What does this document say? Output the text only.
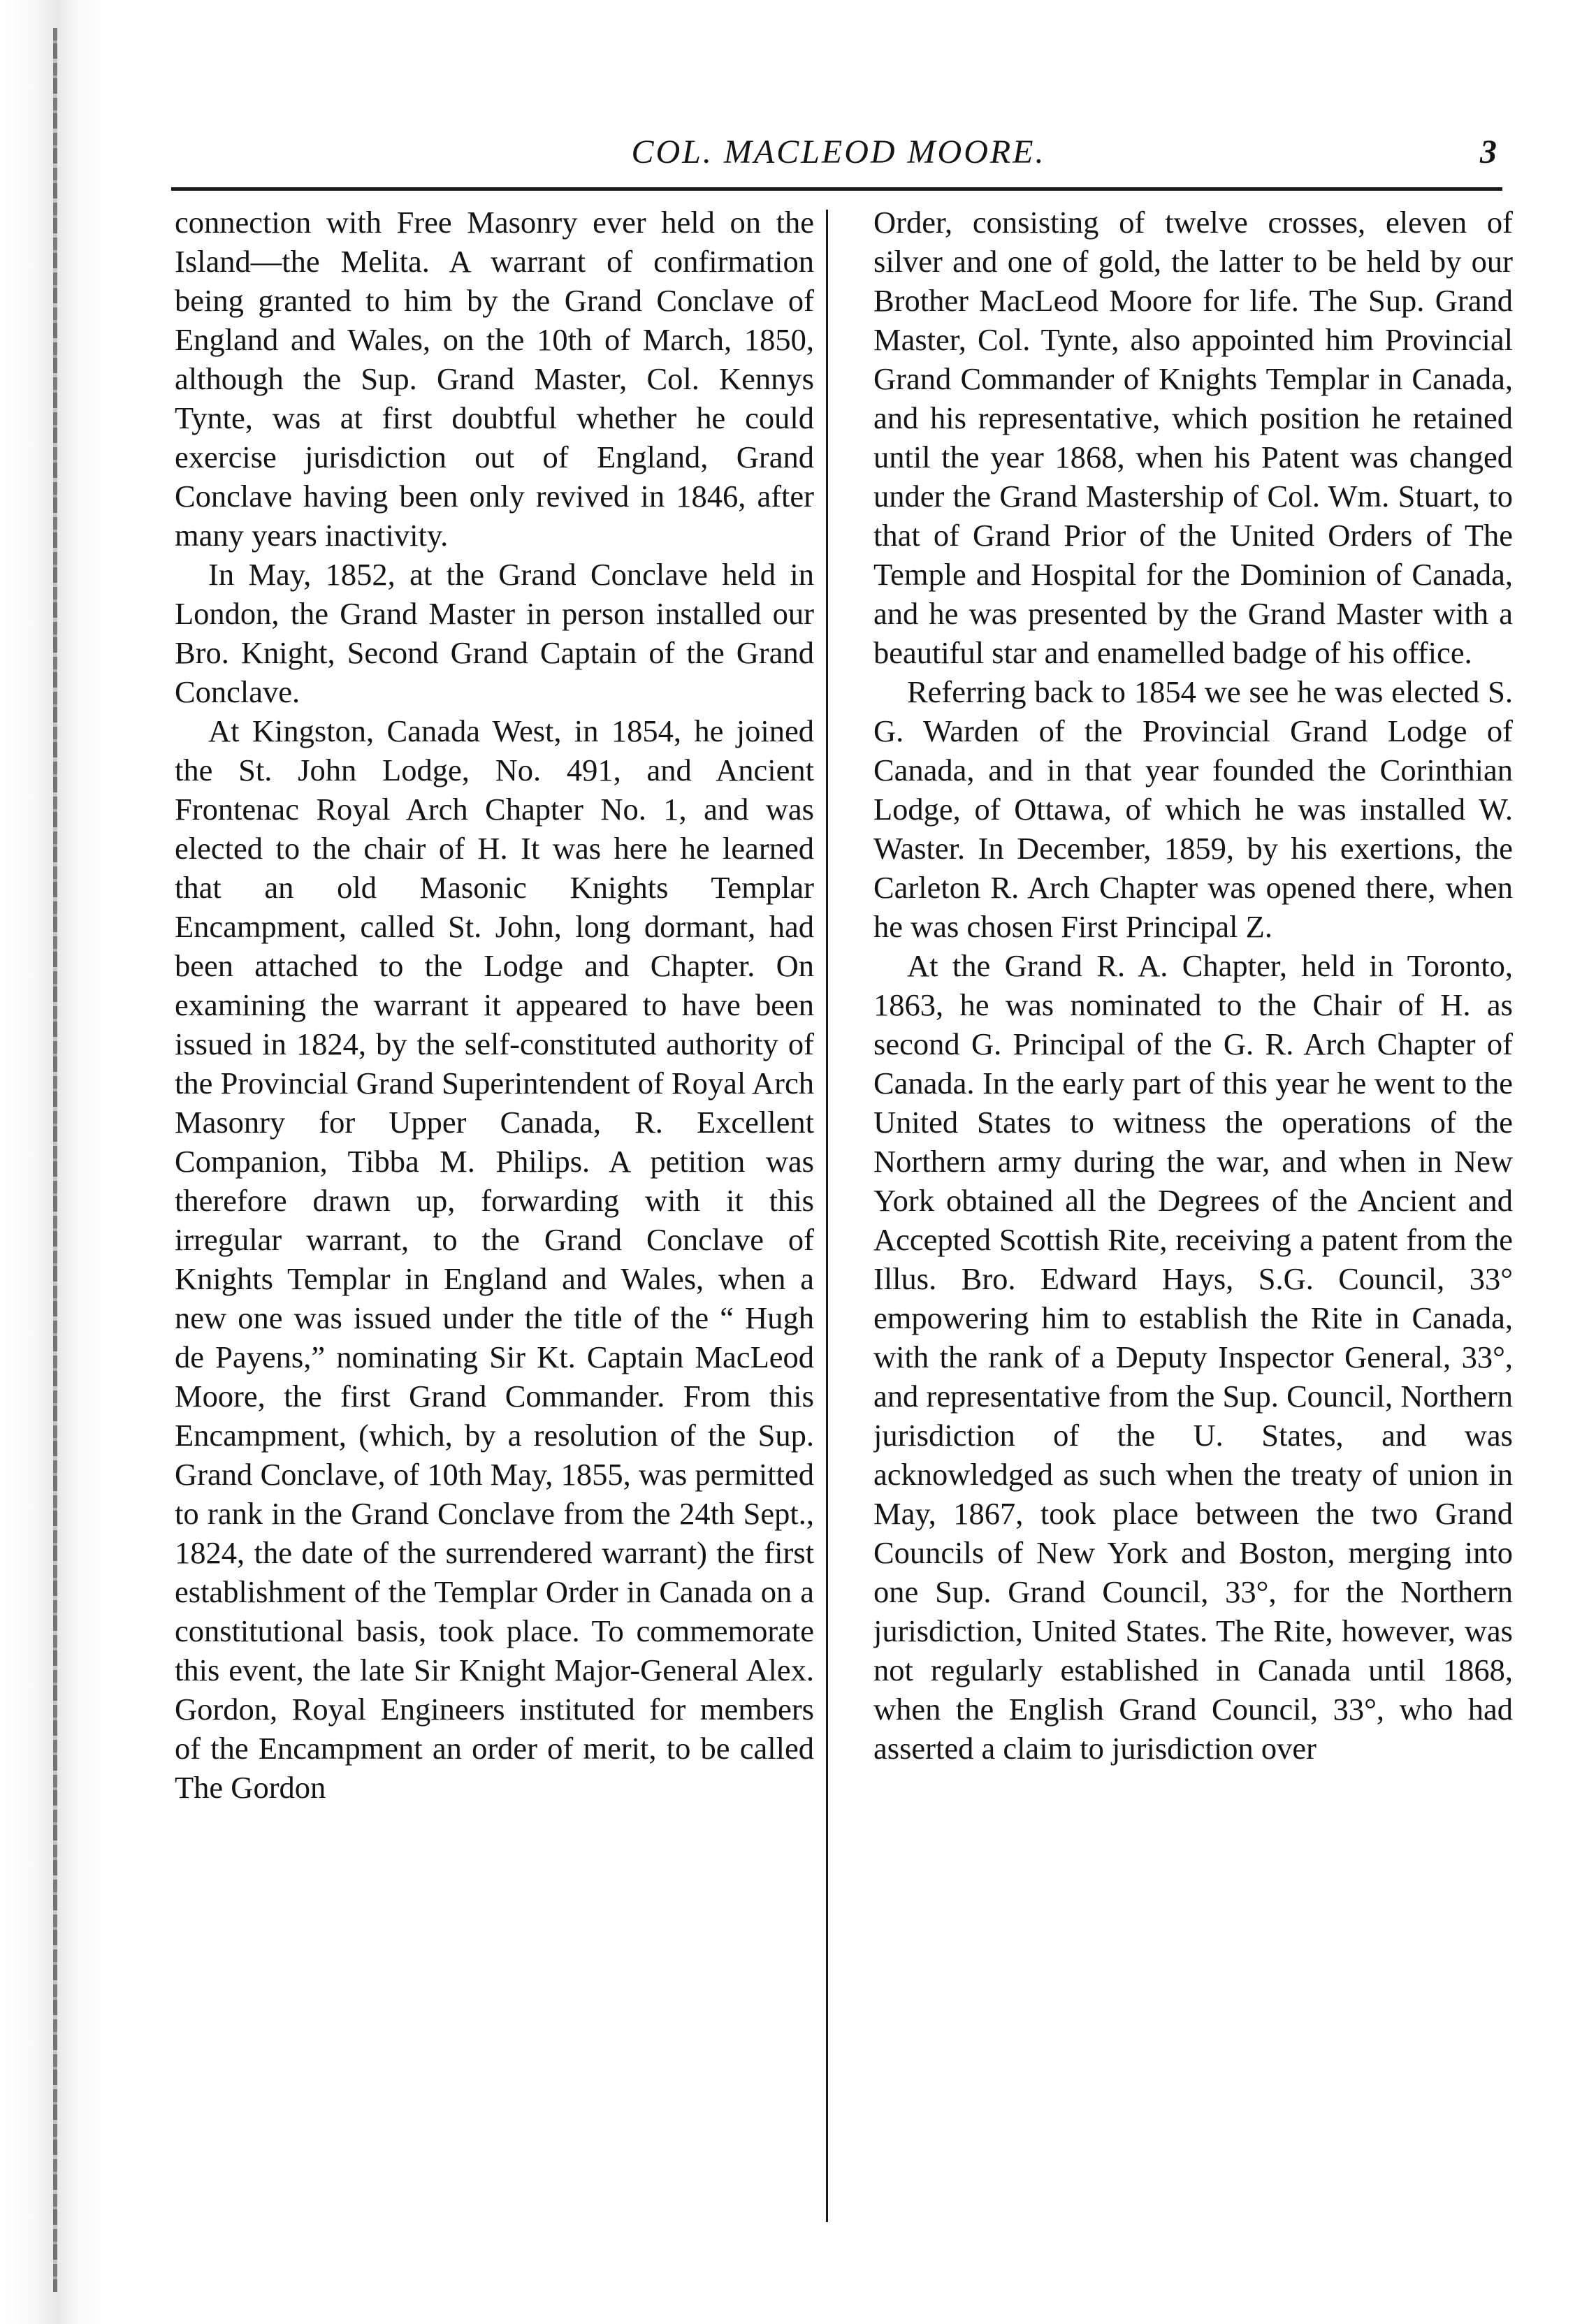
COL. MACLEOD MOORE.	3

connection with Free Masonry ever held on the Island—the Melita. A warrant of confirmation being granted to him by the Grand Conclave of England and Wales, on the 10th of March, 1850, although the Sup. Grand Master, Col. Kennys Tynte, was at first doubtful whether he could exercise jurisdiction out of England, Grand Conclave having been only revived in 1846, after many years inactivity.

In May, 1852, at the Grand Conclave held in London, the Grand Master in person installed our Bro. Knight, Second Grand Captain of the Grand Conclave.

At Kingston, Canada West, in 1854, he joined the St. John Lodge, No. 491, and Ancient Frontenac Royal Arch Chapter No. 1, and was elected to the chair of H. It was here he learned that an old Masonic Knights Templar Encampment, called St. John, long dormant, had been attached to the Lodge and Chapter. On examining the warrant it appeared to have been issued in 1824, by the self-constituted authority of the Provincial Grand Superintendent of Royal Arch Masonry for Upper Canada, R. Excellent Companion, Tibba M. Philips. A petition was therefore drawn up, forwarding with it this irregular warrant, to the Grand Conclave of Knights Templar in England and Wales, when a new one was issued under the title of the “ Hugh de Payens,” nominating Sir Kt. Captain MacLeod Moore, the first Grand Commander. From this Encampment, (which, by a resolution of the Sup. Grand Conclave, of 10th May, 1855, was permitted to rank in the Grand Conclave from the 24th Sept., 1824, the date of the surrendered warrant) the first establishment of the Templar Order in Canada on a constitutional basis, took place. To commemorate this event, the late Sir Knight Major-General Alex. Gordon, Royal Engineers instituted for members of the Encampment an order of merit, to be called The Gordon

Order, consisting of twelve crosses, eleven of silver and one of gold, the latter to be held by our Brother MacLeod Moore for life. The Sup. Grand Master, Col. Tynte, also appointed him Provincial Grand Commander of Knights Templar in Canada, and his representative, which position he retained until the year 1868, when his Patent was changed under the Grand Mastership of Col. Wm. Stuart, to that of Grand Prior of the United Orders of The Temple and Hospital for the Dominion of Canada, and he was presented by the Grand Master with a beautiful star and enamelled badge of his office.

Referring back to 1854 we see he was elected S. G. Warden of the Provincial Grand Lodge of Canada, and in that year founded the Corinthian Lodge, of Ottawa, of which he was installed W. Waster. In December, 1859, by his exertions, the Carleton R. Arch Chapter was opened there, when he was chosen First Principal Z.

At the Grand R. A. Chapter, held in Toronto, 1863, he was nominated to the Chair of H. as second G. Principal of the G. R. Arch Chapter of Canada. In the early part of this year he went to the United States to witness the operations of the Northern army during the war, and when in New York obtained all the Degrees of the Ancient and Accepted Scottish Rite, receiving a patent from the Illus. Bro. Edward Hays, S.G. Council, 33° empowering him to establish the Rite in Canada, with the rank of a Deputy Inspector General, 33°, and representative from the Sup. Council, Northern jurisdiction of the U. States, and was acknowledged as such when the treaty of union in May, 1867, took place between the two Grand Councils of New York and Boston, merging into one Sup. Grand Council, 33°, for the Northern jurisdiction, United States. The Rite, however, was not regularly established in Canada until 1868, when the English Grand Council, 33°, who had asserted a claim to jurisdiction over
